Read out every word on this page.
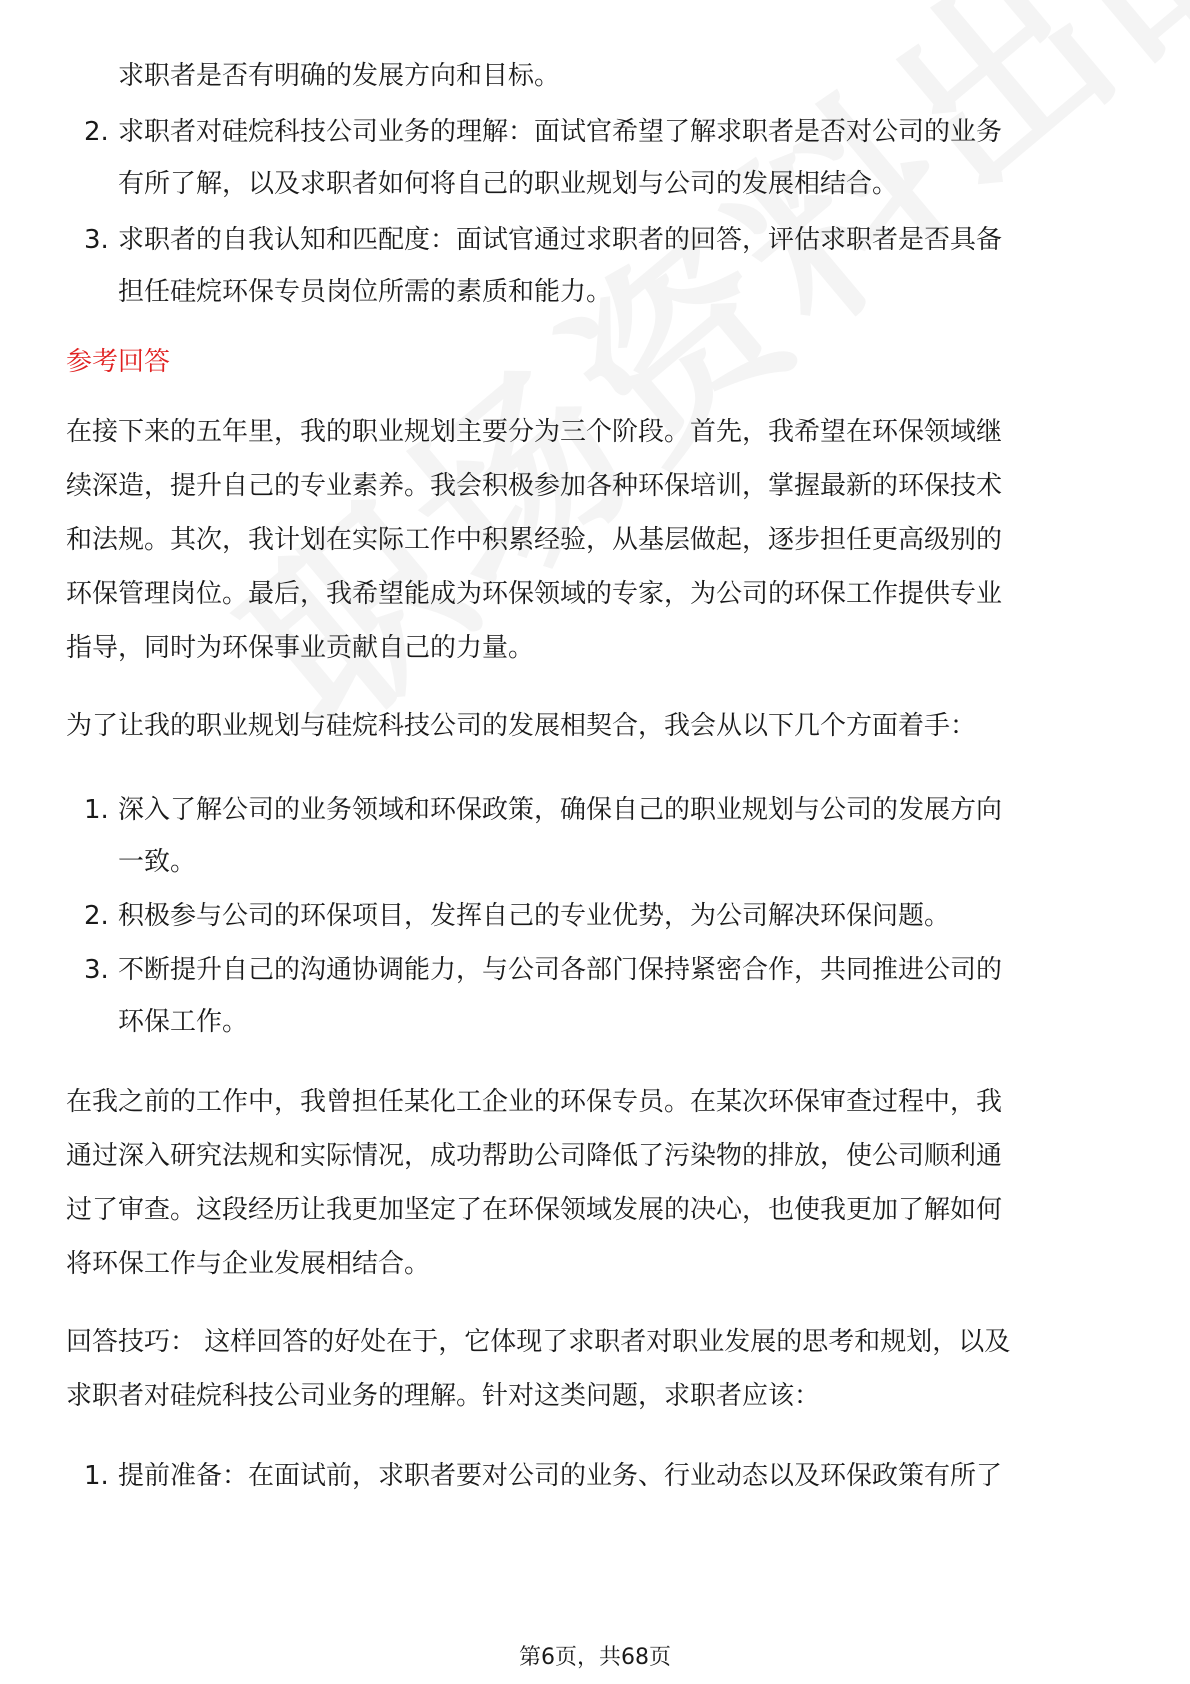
求职者是否有明确的发展方向和目标。
2. 求职者对硅烷科技公司业务的理解：面试官希望了解求职者是否对公司的业务
有所了解，以及求职者如何将自己的职业规划与公司的发展相结合。
3. 求职者的自我认知和匹配度：面试官通过求职者的回答，评估求职者是否具备
担任硅烷环保专员岗位所需的素质和能力。
参考回答
在接下来的五年里，我的职业规划主要分为三个阶段。首先，我希望在环保领域继
续深造，提升自己的专业素养。我会积极参加各种环保培训，掌握最新的环保技术
和法规。其次，我计划在实际工作中积累经验，从基层做起，逐步担任更高级别的
环保管理岗位。最后，我希望能成为环保领域的专家，为公司的环保工作提供专业
指导，同时为环保事业贡献自己的力量。
为了让我的职业规划与硅烷科技公司的发展相契合，我会从以下几个方面着手：
1. 深入了解公司的业务领域和环保政策，确保自己的职业规划与公司的发展方向
一致。
2. 积极参与公司的环保项目，发挥自己的专业优势，为公司解决环保问题。
3. 不断提升自己的沟通协调能力，与公司各部门保持紧密合作，共同推进公司的
环保工作。
在我之前的工作中，我曾担任某化工企业的环保专员。在某次环保审查过程中，我
通过深入研究法规和实际情况，成功帮助公司降低了污染物的排放，使公司顺利通
过了审查。这段经历让我更加坚定了在环保领域发展的决心，也使我更加了解如何
将环保工作与企业发展相结合。
回答技巧： 这样回答的好处在于，它体现了求职者对职业发展的思考和规划，以及
求职者对硅烷科技公司业务的理解。针对这类问题，求职者应该：
1. 提前准备：在面试前，求职者要对公司的业务、行业动态以及环保政策有所了
第6页，共68页
